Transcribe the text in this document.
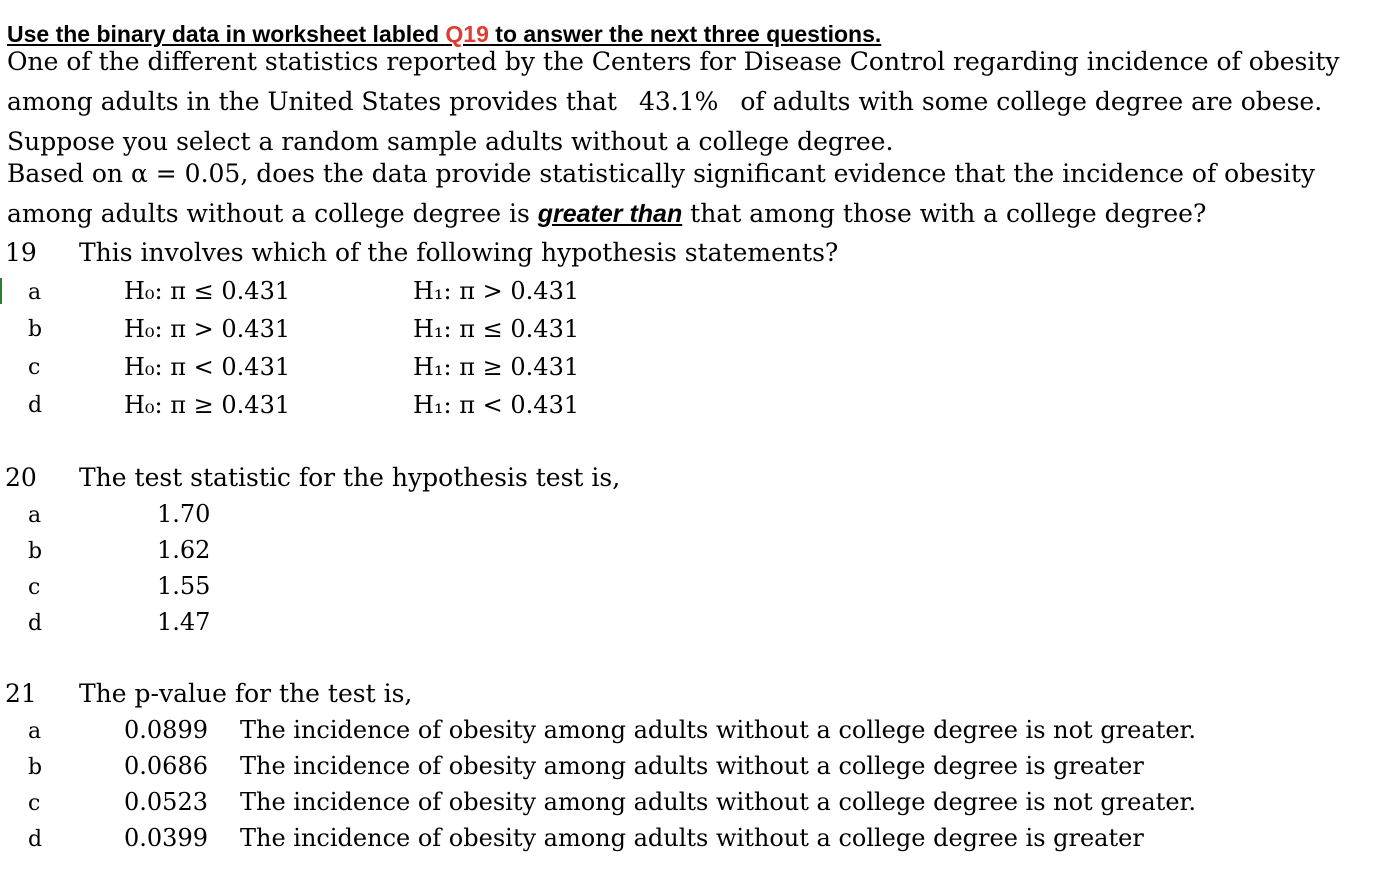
Use the binary data in worksheet labled Q19 to answer the next three questions.
One of the different statistics reported by the Centers for Disease Control regarding incidence of obesity
among adults in the United States provides that 43.1% of adults with some college degree are obese.
Suppose you select a random sample adults without a college degree.
Based on α = 0.05, does the data provide statistically significant evidence that the incidence of obesity
among adults without a college degree is greater than that among those with a college degree?
19 This involves which of the following hypothesis statements?
a	H₀: π ≤ 0.431	H₁: π > 0.431
b	H₀: π > 0.431	H₁: π ≤ 0.431
c	H₀: π < 0.431	H₁: π ≥ 0.431
d	H₀: π ≥ 0.431	H₁: π < 0.431
20 The test statistic for the hypothesis test is,
a	1.70
b	1.62
c	1.55
d	1.47
21 The p-value for the test is,
a	0.0899 The incidence of obesity among adults without a college degree is not greater.
b	0.0686 The incidence of obesity among adults without a college degree is greater
c	0.0523 The incidence of obesity among adults without a college degree is not greater.
d	0.0399 The incidence of obesity among adults without a college degree is greater
